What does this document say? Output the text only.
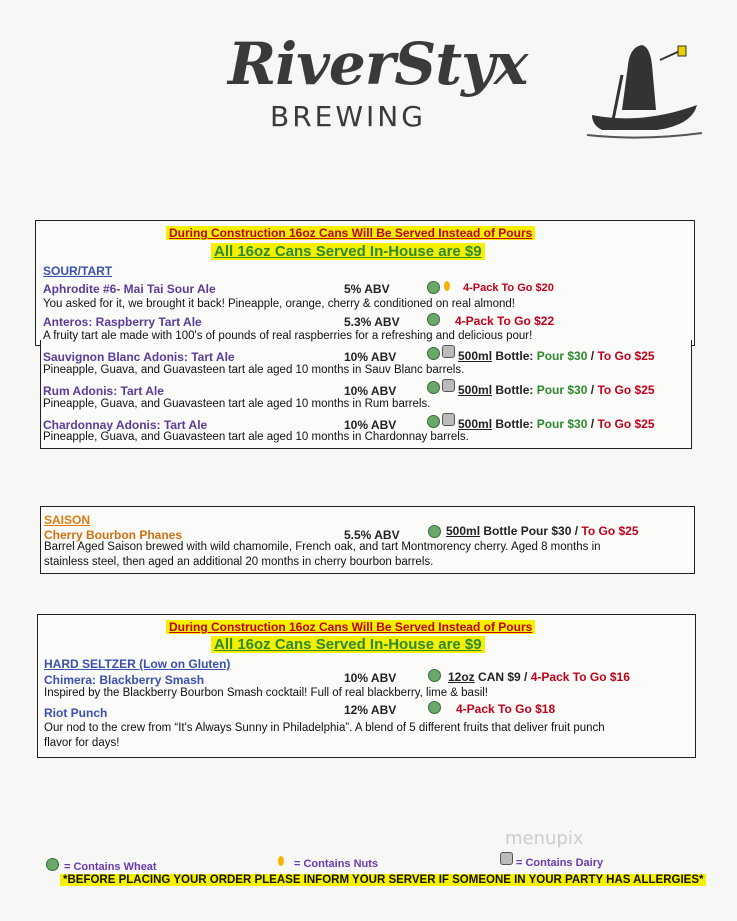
RiverStyx
BREWING
During Construction 16oz Cans Will Be Served Instead of Pours
All 16oz Cans Served In-House are $9
SOUR/TART
Aphrodite #6- Mai Tai Sour Ale	5% ABV	4-Pack To Go $20
You asked for it, we brought it back! Pineapple, orange, cherry & conditioned on real almond!
Anteros: Raspberry Tart Ale	5.3% ABV	4-Pack To Go $22
A fruity tart ale made with 100's of pounds of real raspberries for a refreshing and delicious pour!
Sauvignon Blanc Adonis: Tart Ale	10% ABV	500ml Bottle: Pour $30 / To Go $25
Pineapple, Guava, and Guavasteen tart ale aged 10 months in Sauv Blanc barrels.
Rum Adonis: Tart Ale	10% ABV	500ml Bottle: Pour $30 / To Go $25
Pineapple, Guava, and Guavasteen tart ale aged 10 months in Rum barrels.
Chardonnay Adonis: Tart Ale	10% ABV	500ml Bottle: Pour $30 / To Go $25
Pineapple, Guava, and Guavasteen tart ale aged 10 months in Chardonnay barrels.
SAISON
Cherry Bourbon Phanes	5.5% ABV	500ml Bottle Pour $30 / To Go $25
Barrel Aged Saison brewed with wild chamomile, French oak, and tart Montmorency cherry. Aged 8 months in
stainless steel, then aged an additional 20 months in cherry bourbon barrels.
During Construction 16oz Cans Will Be Served Instead of Pours
All 16oz Cans Served In-House are $9
HARD SELTZER (Low on Gluten)
Chimera: Blackberry Smash	10% ABV	12oz CAN $9 / 4-Pack To Go $16
Inspired by the Blackberry Bourbon Smash cocktail! Full of real blackberry, lime & basil!
Riot Punch	12% ABV	4-Pack To Go $18
Our nod to the crew from “It's Always Sunny in Philadelphia”. A blend of 5 different fruits that deliver fruit punch
flavor for days!
menupix
= Contains Wheat	= Contains Nuts	= Contains Dairy
*BEFORE PLACING YOUR ORDER PLEASE INFORM YOUR SERVER IF SOMEONE IN YOUR PARTY HAS ALLERGIES*
